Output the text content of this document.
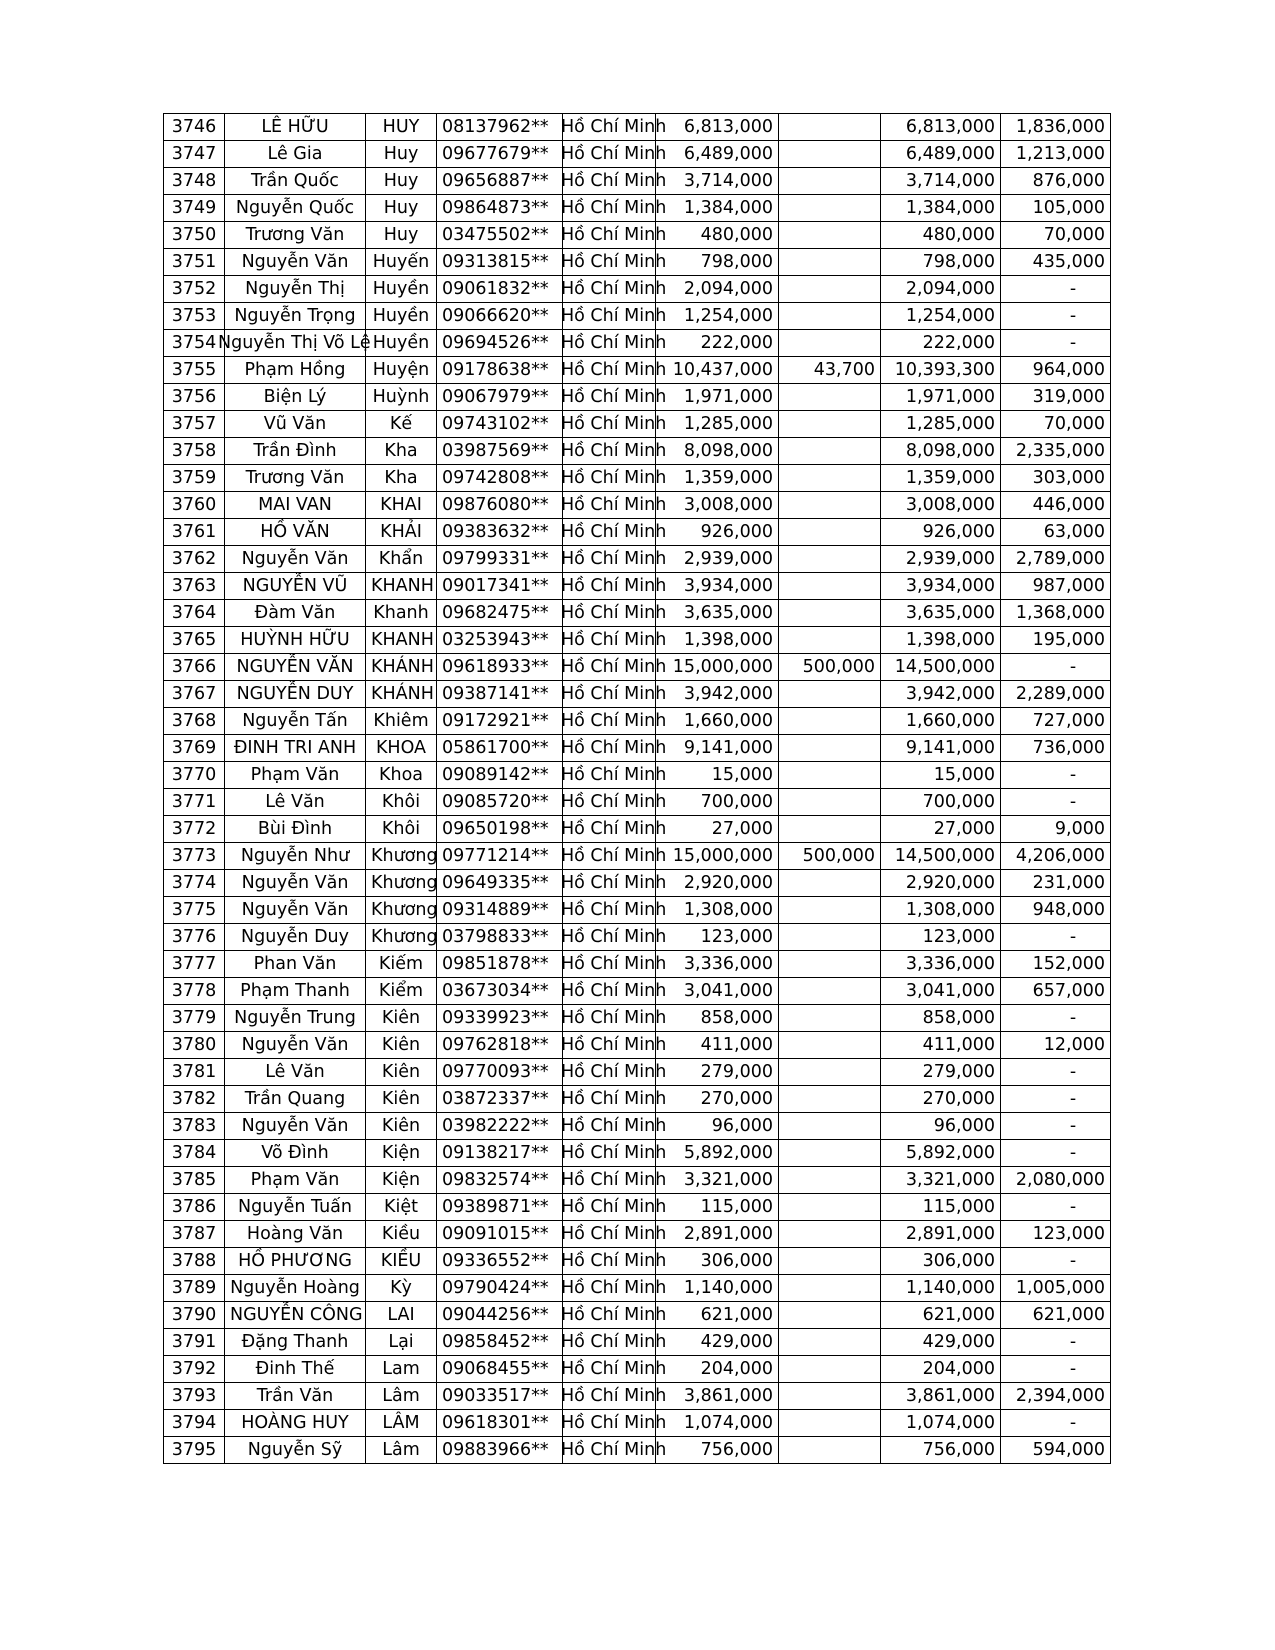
3746	LÊ HỮU	HUY	08137962**	Hồ Chí Minh	6,813,000		6,813,000	1,836,000
3747	Lê Gia	Huy	09677679**	Hồ Chí Minh	6,489,000		6,489,000	1,213,000
3748	Trần Quốc	Huy	09656887**	Hồ Chí Minh	3,714,000		3,714,000	876,000
3749	Nguyễn Quốc	Huy	09864873**	Hồ Chí Minh	1,384,000		1,384,000	105,000
3750	Trương Văn	Huy	03475502**	Hồ Chí Minh	480,000		480,000	70,000
3751	Nguyễn Văn	Huyến	09313815**	Hồ Chí Minh	798,000		798,000	435,000
3752	Nguyễn Thị	Huyền	09061832**	Hồ Chí Minh	2,094,000		2,094,000	-
3753	Nguyễn Trọng	Huyền	09066620**	Hồ Chí Minh	1,254,000		1,254,000	-
3754	Nguyễn Thị Võ Lệ	Huyền	09694526**	Hồ Chí Minh	222,000		222,000	-
3755	Phạm Hồng	Huyện	09178638**	Hồ Chí Minh	10,437,000	43,700	10,393,300	964,000
3756	Biện Lý	Huỳnh	09067979**	Hồ Chí Minh	1,971,000		1,971,000	319,000
3757	Vũ Văn	Kế	09743102**	Hồ Chí Minh	1,285,000		1,285,000	70,000
3758	Trần Đình	Kha	03987569**	Hồ Chí Minh	8,098,000		8,098,000	2,335,000
3759	Trương Văn	Kha	09742808**	Hồ Chí Minh	1,359,000		1,359,000	303,000
3760	MAI VAN	KHAI	09876080**	Hồ Chí Minh	3,008,000		3,008,000	446,000
3761	HỒ VĂN	KHẢI	09383632**	Hồ Chí Minh	926,000		926,000	63,000
3762	Nguyễn Văn	Khẩn	09799331**	Hồ Chí Minh	2,939,000		2,939,000	2,789,000
3763	NGUYỄN VŨ	KHANH	09017341**	Hồ Chí Minh	3,934,000		3,934,000	987,000
3764	Đàm Văn	Khanh	09682475**	Hồ Chí Minh	3,635,000		3,635,000	1,368,000
3765	HUỲNH HỮU	KHANH	03253943**	Hồ Chí Minh	1,398,000		1,398,000	195,000
3766	NGUYỄN VĂN	KHÁNH	09618933**	Hồ Chí Minh	15,000,000	500,000	14,500,000	-
3767	NGUYỄN DUY	KHÁNH	09387141**	Hồ Chí Minh	3,942,000		3,942,000	2,289,000
3768	Nguyễn Tấn	Khiêm	09172921**	Hồ Chí Minh	1,660,000		1,660,000	727,000
3769	ĐINH TRI ANH	KHOA	05861700**	Hồ Chí Minh	9,141,000		9,141,000	736,000
3770	Phạm Văn	Khoa	09089142**	Hồ Chí Minh	15,000		15,000	-
3771	Lê Văn	Khôi	09085720**	Hồ Chí Minh	700,000		700,000	-
3772	Bùi Đình	Khôi	09650198**	Hồ Chí Minh	27,000		27,000	9,000
3773	Nguyễn Như	Khương	09771214**	Hồ Chí Minh	15,000,000	500,000	14,500,000	4,206,000
3774	Nguyễn Văn	Khương	09649335**	Hồ Chí Minh	2,920,000		2,920,000	231,000
3775	Nguyễn Văn	Khương	09314889**	Hồ Chí Minh	1,308,000		1,308,000	948,000
3776	Nguyễn Duy	Khương	03798833**	Hồ Chí Minh	123,000		123,000	-
3777	Phan Văn	Kiếm	09851878**	Hồ Chí Minh	3,336,000		3,336,000	152,000
3778	Phạm Thanh	Kiểm	03673034**	Hồ Chí Minh	3,041,000		3,041,000	657,000
3779	Nguyễn Trung	Kiên	09339923**	Hồ Chí Minh	858,000		858,000	-
3780	Nguyễn Văn	Kiên	09762818**	Hồ Chí Minh	411,000		411,000	12,000
3781	Lê Văn	Kiên	09770093**	Hồ Chí Minh	279,000		279,000	-
3782	Trần Quang	Kiên	03872337**	Hồ Chí Minh	270,000		270,000	-
3783	Nguyễn Văn	Kiên	03982222**	Hồ Chí Minh	96,000		96,000	-
3784	Võ Đình	Kiện	09138217**	Hồ Chí Minh	5,892,000		5,892,000	-
3785	Phạm Văn	Kiện	09832574**	Hồ Chí Minh	3,321,000		3,321,000	2,080,000
3786	Nguyễn Tuấn	Kiệt	09389871**	Hồ Chí Minh	115,000		115,000	-
3787	Hoàng Văn	Kiều	09091015**	Hồ Chí Minh	2,891,000		2,891,000	123,000
3788	HỒ PHƯƠNG	KIỀU	09336552**	Hồ Chí Minh	306,000		306,000	-
3789	Nguyễn Hoàng	Kỳ	09790424**	Hồ Chí Minh	1,140,000		1,140,000	1,005,000
3790	NGUYỄN CÔNG	LAI	09044256**	Hồ Chí Minh	621,000		621,000	621,000
3791	Đặng Thanh	Lại	09858452**	Hồ Chí Minh	429,000		429,000	-
3792	Đinh Thế	Lam	09068455**	Hồ Chí Minh	204,000		204,000	-
3793	Trần Văn	Lâm	09033517**	Hồ Chí Minh	3,861,000		3,861,000	2,394,000
3794	HOÀNG HUY	LÂM	09618301**	Hồ Chí Minh	1,074,000		1,074,000	-
3795	Nguyễn Sỹ	Lâm	09883966**	Hồ Chí Minh	756,000		756,000	594,000
